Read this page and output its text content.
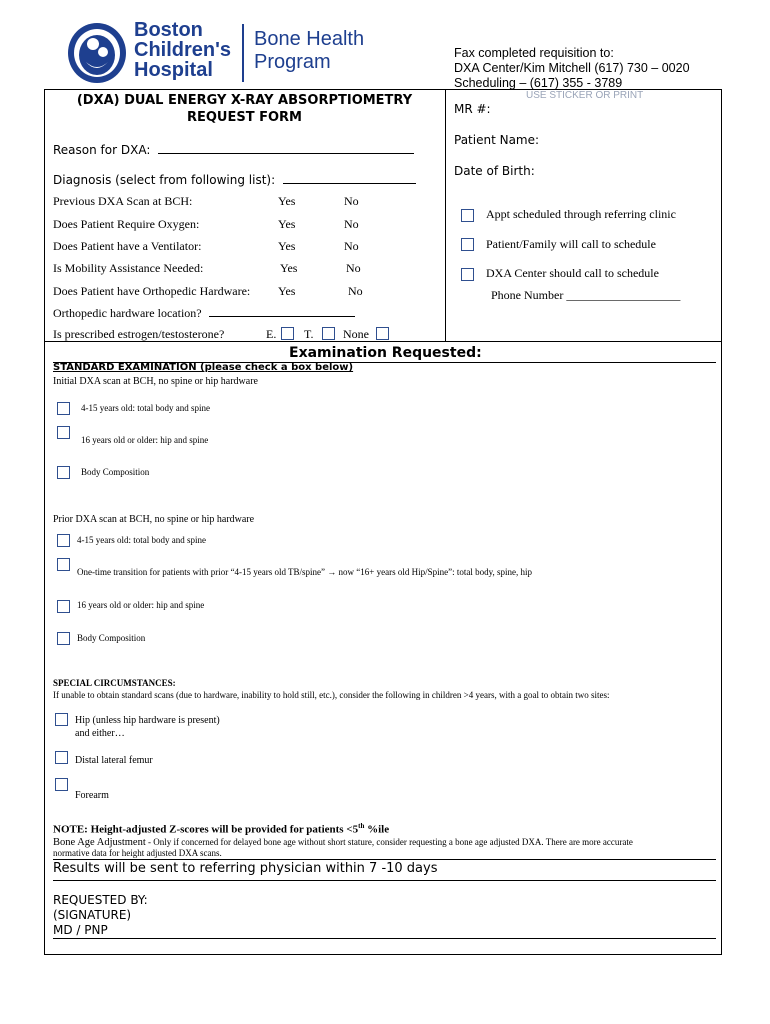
Boston
Children's
Hospital
Bone Health
Program	Fax completed requisition to:
DXA Center/Kim Mitchell (617) 730 – 0020
Scheduling – (617) 355 - 3789
(DXA) DUAL ENERGY X-RAY ABSORPTIOMETRY
REQUEST FORM
Reason for DXA:
Diagnosis (select from following list):
Previous DXA Scan at BCH:	Yes	No
Does Patient Require Oxygen:	Yes	No
Does Patient have a Ventilator:	Yes	No
Is Mobility Assistance Needed:	Yes	No
Does Patient have Orthopedic Hardware: Yes	No
Orthopedic hardware location?
Is prescribed estrogen/testosterone?	E. T. None
USE STICKER OR PRINT
MR #:
Patient Name:
Date of Birth:
Appt scheduled through referring clinic
Patient/Family will call to schedule
DXA Center should call to schedule
Phone Number ___________________
Examination Requested:
STANDARD EXAMINATION (please check a box below)
Initial DXA scan at BCH, no spine or hip hardware
4-15 years old: total body and spine
16 years old or older: hip and spine
Body Composition
Prior DXA scan at BCH, no spine or hip hardware
4-15 years old: total body and spine
One-time transition for patients with prior “4-15 years old TB/spine” → now “16+ years old Hip/Spine”: total body, spine, hip
16 years old or older: hip and spine
Body Composition
SPECIAL CIRCUMSTANCES:
If unable to obtain standard scans (due to hardware, inability to hold still, etc.), consider the following in children >4 years, with a goal to obtain two sites:
Hip (unless hip hardware is present)
and either…
Distal lateral femur
Forearm
NOTE: Height-adjusted Z-scores will be provided for patients <5th %ile
Bone Age Adjustment - Only if concerned for delayed bone age without short stature, consider requesting a bone age adjusted DXA. There are more accurate
normative data for height adjusted DXA scans.
Results will be sent to referring physician within 7 -10 days
REQUESTED BY:
(SIGNATURE)
MD / PNP
